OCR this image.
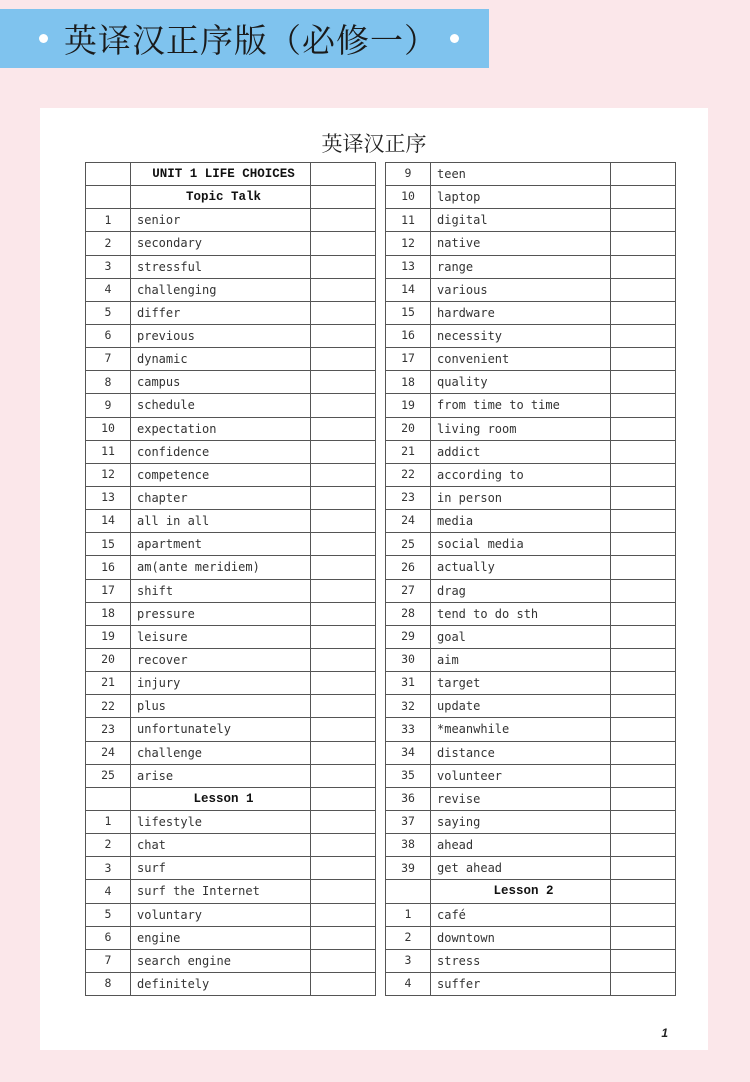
英译汉正序版（必修一）
英译汉正序
	UNIT 1 LIFE CHOICES	
	Topic Talk	
1	senior	
2	secondary	
3	stressful	
4	challenging	
5	differ	
6	previous	
7	dynamic	
8	campus	
9	schedule	
10	expectation	
11	confidence	
12	competence	
13	chapter	
14	all in all	
15	apartment	
16	am(ante meridiem)	
17	shift	
18	pressure	
19	leisure	
20	recover	
21	injury	
22	plus	
23	unfortunately	
24	challenge	
25	arise	
	Lesson 1	
1	lifestyle	
2	chat	
3	surf	
4	surf the Internet	
5	voluntary	
6	engine	
7	search engine	
8	definitely	
9	teen	
10	laptop	
11	digital	
12	native	
13	range	
14	various	
15	hardware	
16	necessity	
17	convenient	
18	quality	
19	from time to time	
20	living room	
21	addict	
22	according to	
23	in person	
24	media	
25	social media	
26	actually	
27	drag	
28	tend to do sth	
29	goal	
30	aim	
31	target	
32	update	
33	*meanwhile	
34	distance	
35	volunteer	
36	revise	
37	saying	
38	ahead	
39	get ahead	
	Lesson 2	
1	café	
2	downtown	
3	stress	
4	suffer	
1
